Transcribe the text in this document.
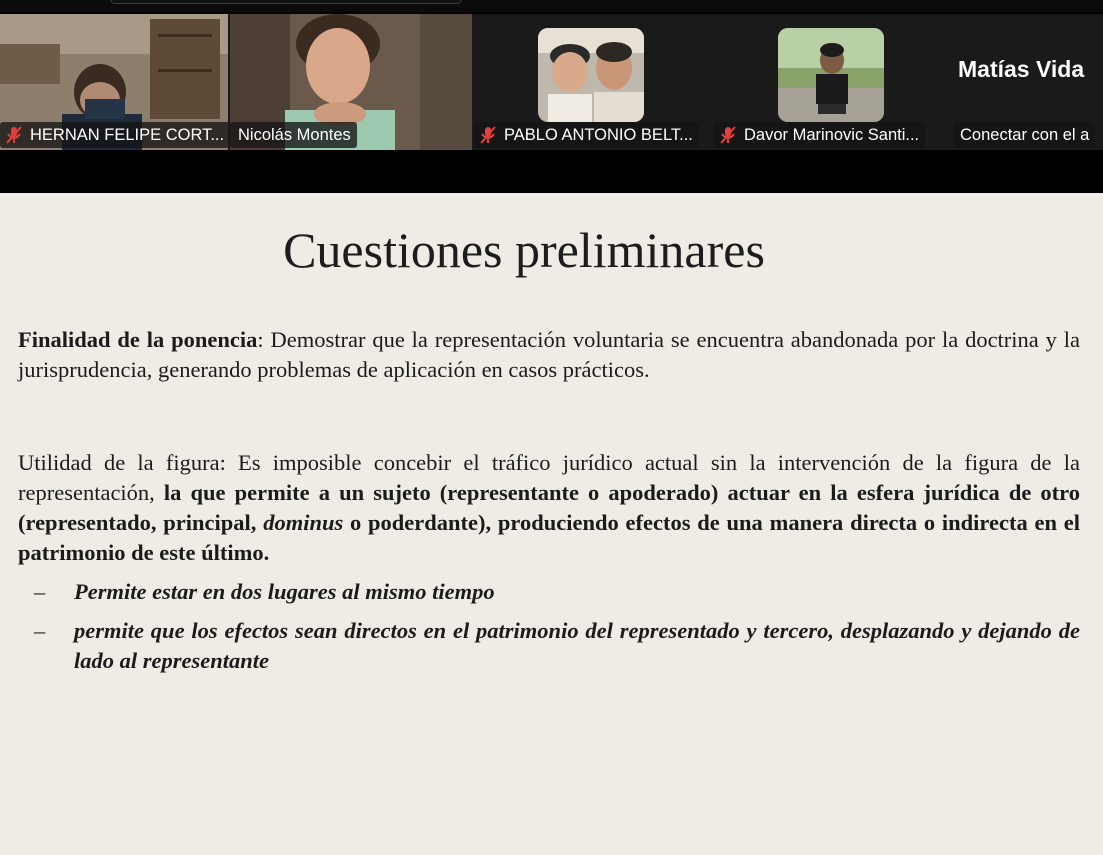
HERNAN FELIPE CORT... Nicolás Montes	PABLO ANTONIO BELT...	Davor Marinovic Santi... Conectar con el a
Matías Vida
Cuestiones preliminares
Finalidad de la ponencia: Demostrar que la representación voluntaria se encuentra abandonada por la doctrina y la jurisprudencia, generando problemas de aplicación en casos prácticos.
Utilidad de la figura: Es imposible concebir el tráfico jurídico actual sin la intervención de la figura de la representación, la que permite a un sujeto (representante o apoderado) actuar en la esfera jurídica de otro (representado, principal, dominus o poderdante), produciendo efectos de una manera directa o indirecta en el patrimonio de este último.
– Permite estar en dos lugares al mismo tiempo
– permite que los efectos sean directos en el patrimonio del representado y tercero, desplazando y dejando de lado al representante
